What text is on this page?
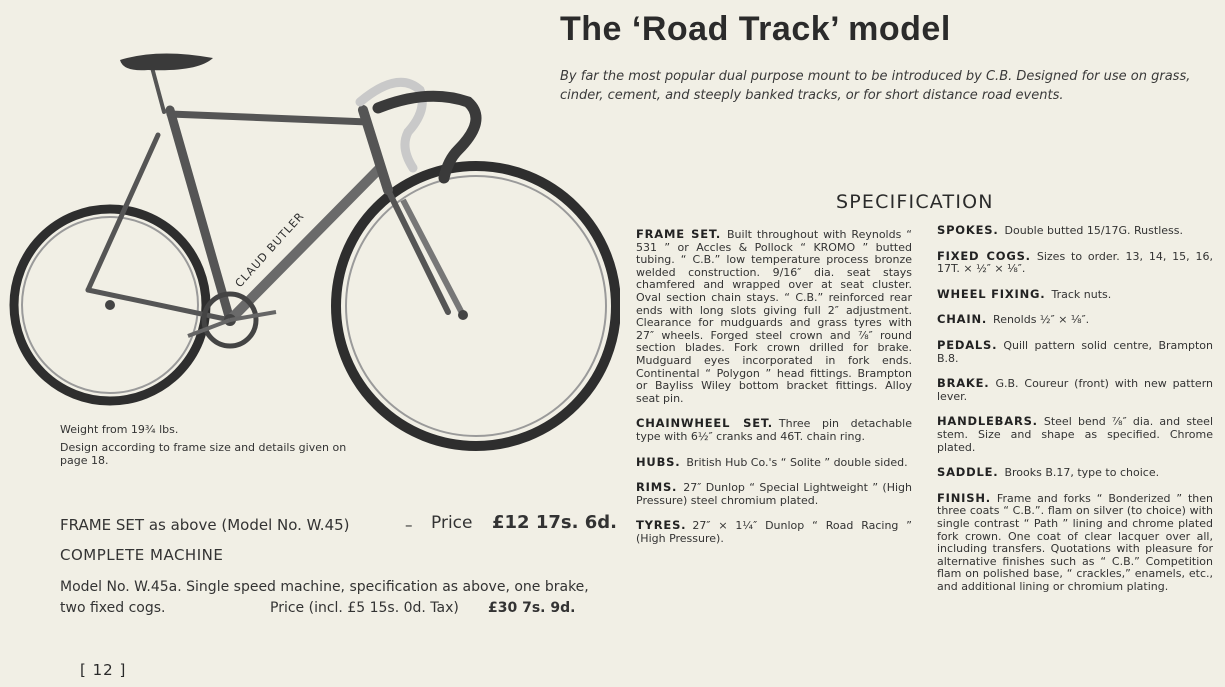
The ‘Road Track’ model
By far the most popular dual purpose mount to be introduced by C.B. Designed for use on grass, cinder, cement, and steeply banked tracks, or for short distance road events.
CLAUD BUTLER
Weight from 19¾ lbs.
Design according to frame size and details given on page 18.
FRAME SET as above (Model No. W.45)	– Price £12 17s. 6d.
COMPLETE MACHINE
Model No. W.45a. Single speed machine, specification as above, one brake,
two fixed cogs.	Price (incl. £5 15s. 0d. Tax) £30 7s. 9d.
[ 12 ]
SPECIFICATION
FRAME SET. Built throughout with Reynolds “ 531 ” or Accles & Pollock “ KROMO ” butted tubing. “ C.B.” low temperature process bronze welded construction. 9/16″ dia. seat stays chamfered and wrapped over at seat cluster. Oval section chain stays. “ C.B.” reinforced rear ends with long slots giving full 2″ adjustment. Clearance for mudguards and grass tyres with 27″ wheels. Forged steel crown and ⅞″ round section blades. Fork crown drilled for brake. Mudguard eyes incorporated in fork ends. Continental “ Polygon ” head fittings. Brampton or Bayliss Wiley bottom bracket fittings. Alloy seat pin.
CHAINWHEEL SET. Three pin detachable type with 6½″ cranks and 46T. chain ring.
HUBS. British Hub Co.'s “ Solite ” double sided.
RIMS. 27″ Dunlop “ Special Lightweight ” (High Pressure) steel chromium plated.
TYRES. 27″ × 1¼″ Dunlop “ Road Racing ” (High Pressure).
SPOKES. Double butted 15/17G. Rustless.
FIXED COGS. Sizes to order. 13, 14, 15, 16, 17T. × ½″ × ⅛″.
WHEEL FIXING. Track nuts.
CHAIN. Renolds ½″ × ⅛″.
PEDALS. Quill pattern solid centre, Brampton B.8.
BRAKE. G.B. Coureur (front) with new pattern lever.
HANDLEBARS. Steel bend ⅞″ dia. and steel stem. Size and shape as specified. Chrome plated.
SADDLE. Brooks B.17, type to choice.
FINISH. Frame and forks “ Bonderized ” then three coats “ C.B.”. flam on silver (to choice) with single contrast “ Path ” lining and chrome plated fork crown. One coat of clear lacquer over all, including transfers. Quotations with pleasure for alternative finishes such as “ C.B.” Competition flam on polished base, “ crackles,” enamels, etc., and additional lining or chromium plating.
